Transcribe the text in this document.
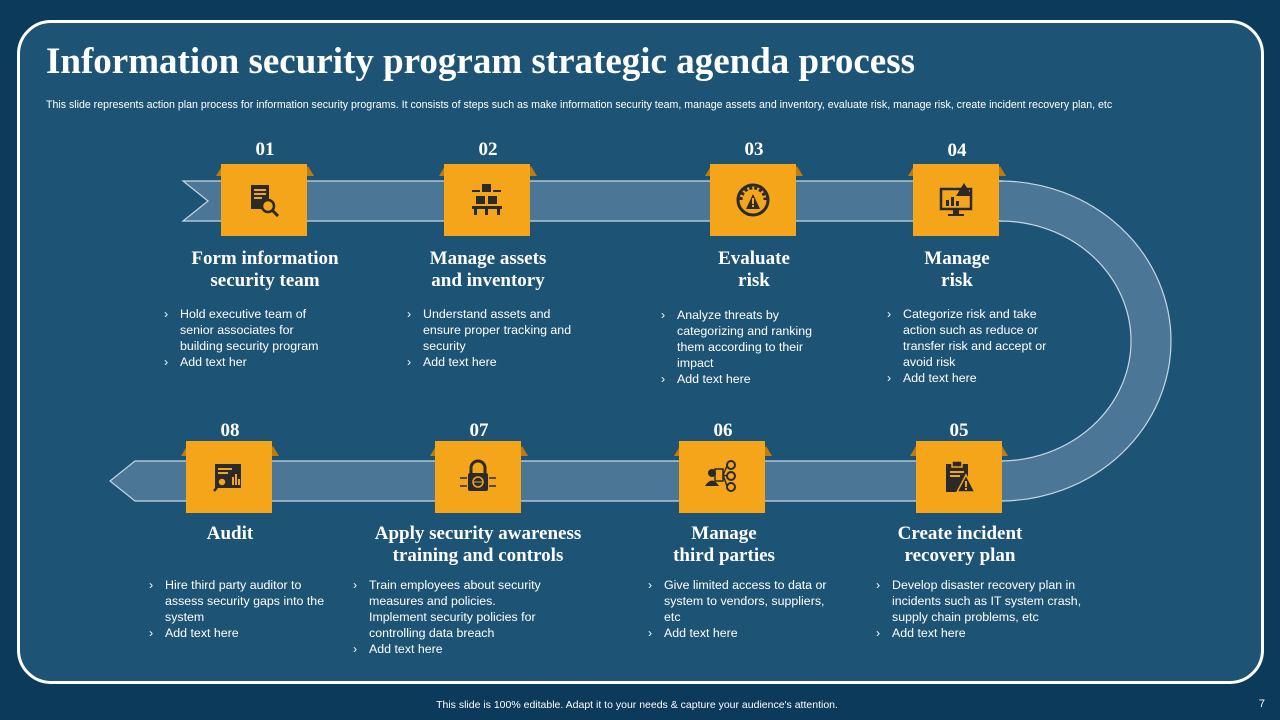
Information security program strategic agenda process
This slide represents action plan process for information security programs. It consists of steps such as make information security team, manage assets and inventory, evaluate risk, manage risk, create incident recovery plan, etc
01
Form information
security team
› Hold executive team of senior associates for building security program
› Add text her
02
Manage assets
and inventory
› Understand assets and ensure proper tracking and security
› Add text here
03
Evaluate
risk
› Analyze threats by categorizing and ranking them according to their impact
› Add text here
04
Manage
risk
› Categorize risk and take action such as reduce or transfer risk and accept or avoid risk
› Add text here
05
Create incident
recovery plan
› Develop disaster recovery plan in incidents such as IT system crash, supply chain problems, etc
› Add text here
06
Manage
third parties
› Give limited access to data or system to vendors, suppliers, etc
› Add text here
07
Apply security awareness
training and controls
› Train employees about security measures and policies. Implement security policies for controlling data breach
› Add text here
08
Audit
› Hire third party auditor to assess security gaps into the system
› Add text here
This slide is 100% editable. Adapt it to your needs & capture your audience's attention.	7
